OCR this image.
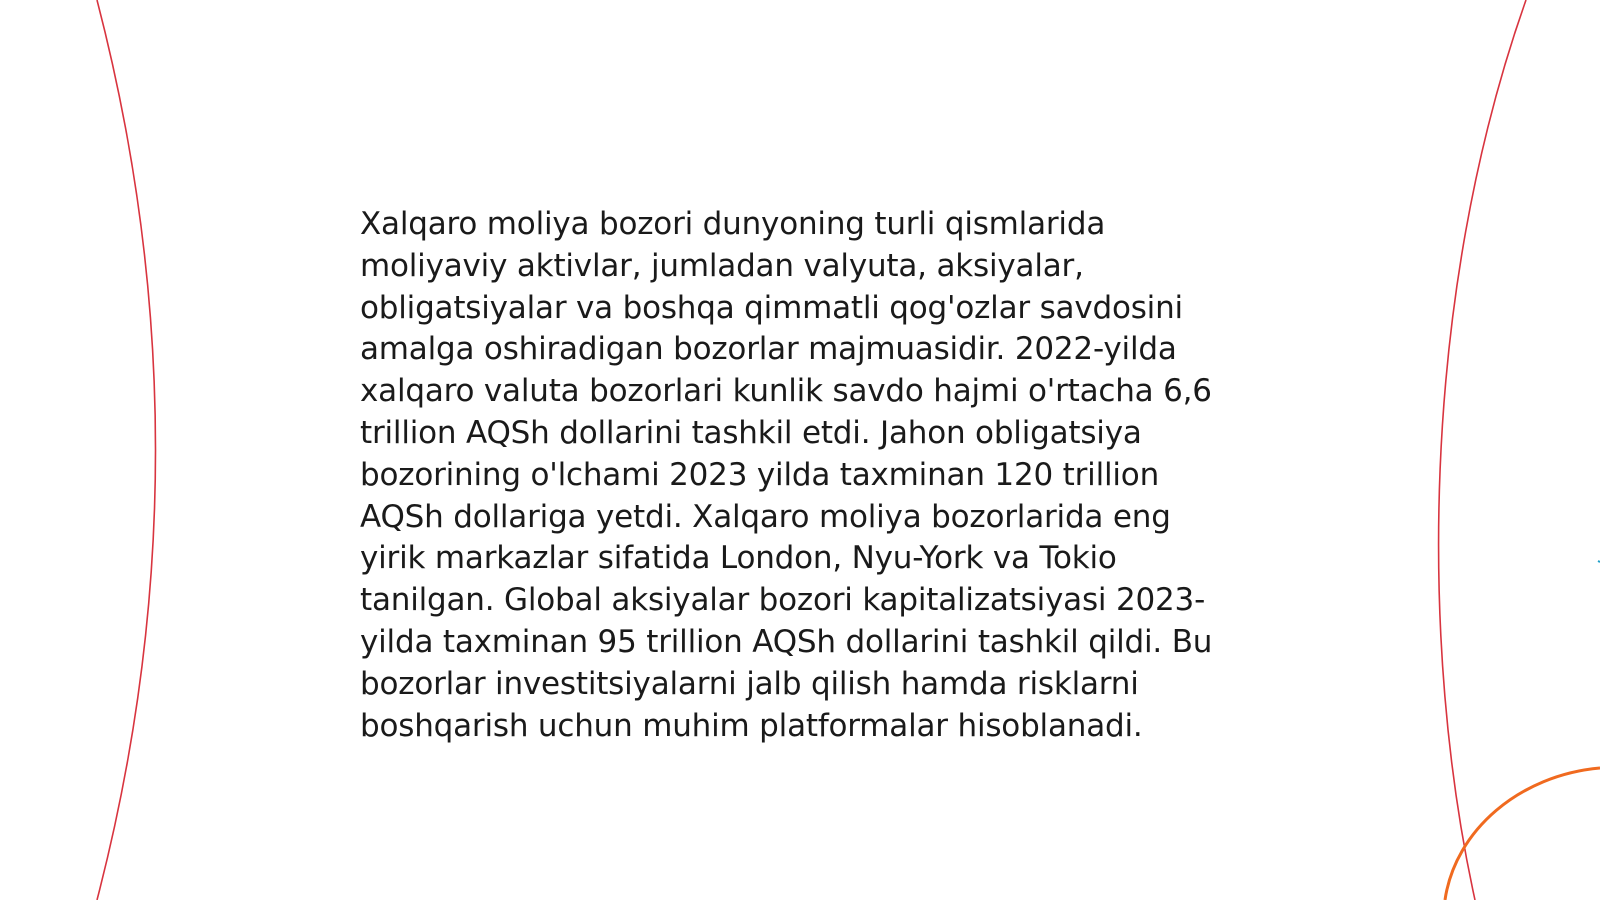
Xalqaro moliya bozori dunyoning turli qismlarida moliyaviy aktivlar, jumladan valyuta, aksiyalar, obligatsiyalar va boshqa qimmatli qog'ozlar savdosini amalga oshiradigan bozorlar majmuasidir. 2022-yilda xalqaro valuta bozorlari kunlik savdo hajmi o'rtacha 6,6 trillion AQSh dollarini tashkil etdi. Jahon obligatsiya bozorining o'lchami 2023 yilda taxminan 120 trillion AQSh dollariga yetdi. Xalqaro moliya bozorlarida eng yirik markazlar sifatida London, Nyu-York va Tokio tanilgan. Global aksiyalar bozori kapitalizatsiyasi 2023-yilda taxminan 95 trillion AQSh dollarini tashkil qildi. Bu bozorlar investitsiyalarni jalb qilish hamda risklarni boshqarish uchun muhim platformalar hisoblanadi.
